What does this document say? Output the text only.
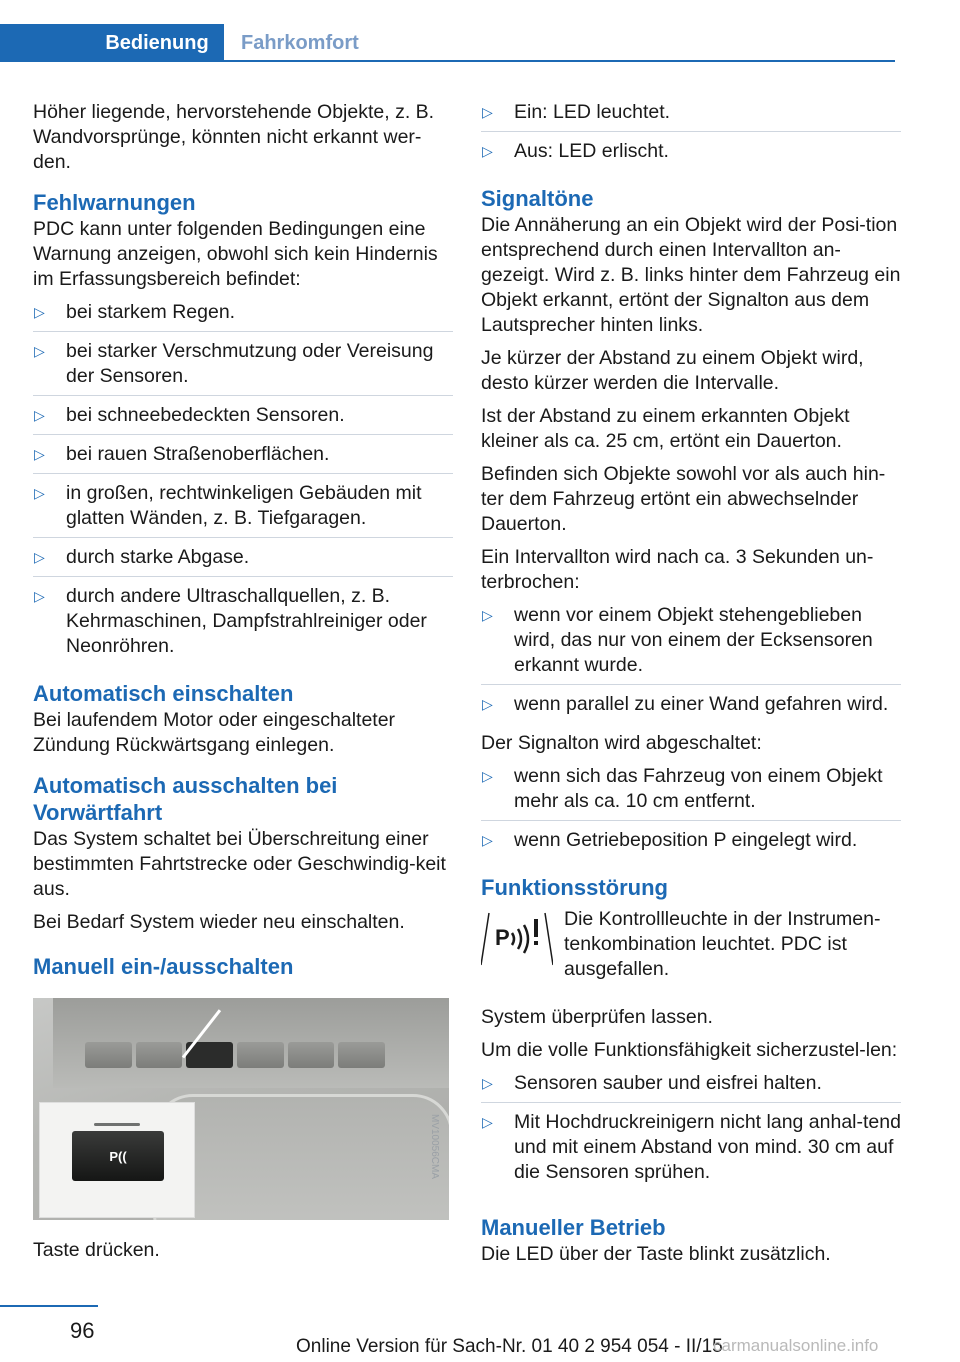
Bedienung	Fahrkomfort

Höher liegende, hervorstehende Objekte, z. B. Wandvorsprünge, könnten nicht erkannt wer‐den.

Fehlwarnungen

PDC kann unter folgenden Bedingungen eine Warnung anzeigen, obwohl sich kein Hindernis im Erfassungsbereich befindet:

▷ bei starkem Regen.
▷ bei starker Verschmutzung oder Vereisung der Sensoren.
▷ bei schneebedeckten Sensoren.
▷ bei rauen Straßenoberflächen.
▷ in großen, rechtwinkeligen Gebäuden mit glatten Wänden, z. B. Tiefgaragen.
▷ durch starke Abgase.
▷ durch andere Ultraschallquellen, z. B. Kehrmaschinen, Dampfstrahlreiniger oder Neonröhren.
Automatisch einschalten

Bei laufendem Motor oder eingeschalteter Zündung Rückwärtsgang einlegen.

Automatisch ausschalten bei Vorwärtfahrt

Das System schaltet bei Überschreitung einer bestimmten Fahrtstrecke oder Geschwindig‐keit aus.

Bei Bedarf System wieder neu einschalten.

Manuell ein-/ausschalten
P((	MV10056CMA

Taste drücken.

▷ Ein: LED leuchtet.
▷ Aus: LED erlischt.
Signaltöne

Die Annäherung an ein Objekt wird der Posi‐tion entsprechend durch einen Intervallton an‐gezeigt. Wird z. B. links hinter dem Fahrzeug ein Objekt erkannt, ertönt der Signalton aus dem Lautsprecher hinten links.

Je kürzer der Abstand zu einem Objekt wird, desto kürzer werden die Intervalle.

Ist der Abstand zu einem erkannten Objekt kleiner als ca. 25 cm, ertönt ein Dauerton.

Befinden sich Objekte sowohl vor als auch hin‐ter dem Fahrzeug ertönt ein abwechselnder Dauerton.

Ein Intervallton wird nach ca. 3 Sekunden un‐terbrochen:

▷ wenn vor einem Objekt stehengeblieben wird, das nur von einem der Ecksensoren erkannt wurde.
▷ wenn parallel zu einer Wand gefahren wird.

Der Signalton wird abgeschaltet:

▷ wenn sich das Fahrzeug von einem Objekt mehr als ca. 10 cm entfernt.
▷ wenn Getriebeposition P eingelegt wird.
Funktionsstörung
P

Die Kontrollleuchte in der Instrumen‐tenkombination leuchtet. PDC ist ausgefallen.

System überprüfen lassen.

Um die volle Funktionsfähigkeit sicherzustel‐len:

▷ Sensoren sauber und eisfrei halten.
▷ Mit Hochdruckreinigern nicht lang anhal‐tend und mit einem Abstand von mind. 30 cm auf die Sensoren sprühen.
Manueller Betrieb

Die LED über der Taste blinkt zusätzlich.

96
Online Version für Sach-Nr. 01 40 2 954 054 - II/15
carmanualsonline.info
